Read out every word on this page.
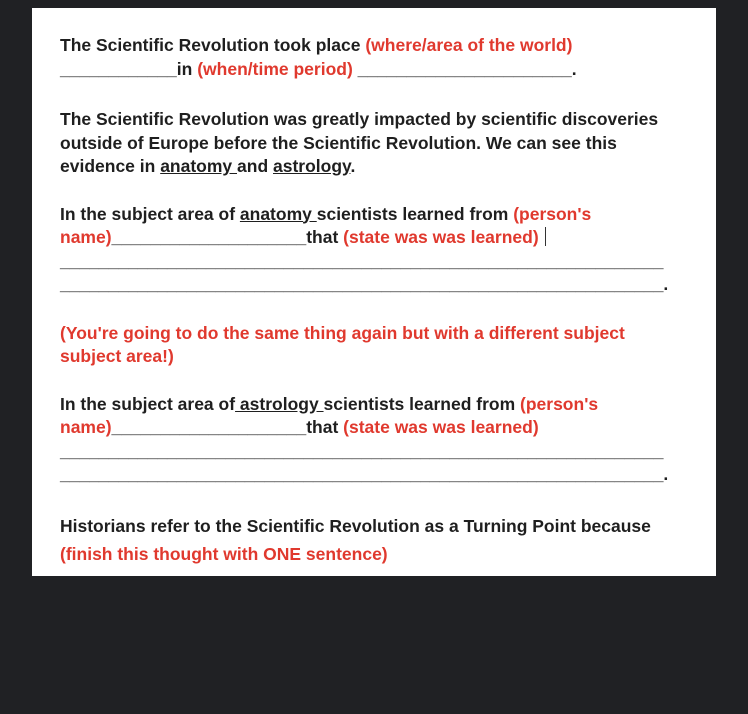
The Scientific Revolution took place (where/area of the world)
____________in (when/time period) ______________________.

The Scientific Revolution was greatly impacted by scientific discoveries
outside of Europe before the Scientific Revolution. We can see this
evidence in anatomy and astrology.

In the subject area of anatomy scientists learned from (person's
name)____________________that (state was was learned)
______________________________________________________________
______________________________________________________________.

(You're going to do the same thing again but with a different subject
subject area!)

In the subject area of astrology scientists learned from (person's
name)____________________that (state was was learned)
______________________________________________________________
______________________________________________________________.

Historians refer to the Scientific Revolution as a Turning Point because
(finish this thought with ONE sentence)
